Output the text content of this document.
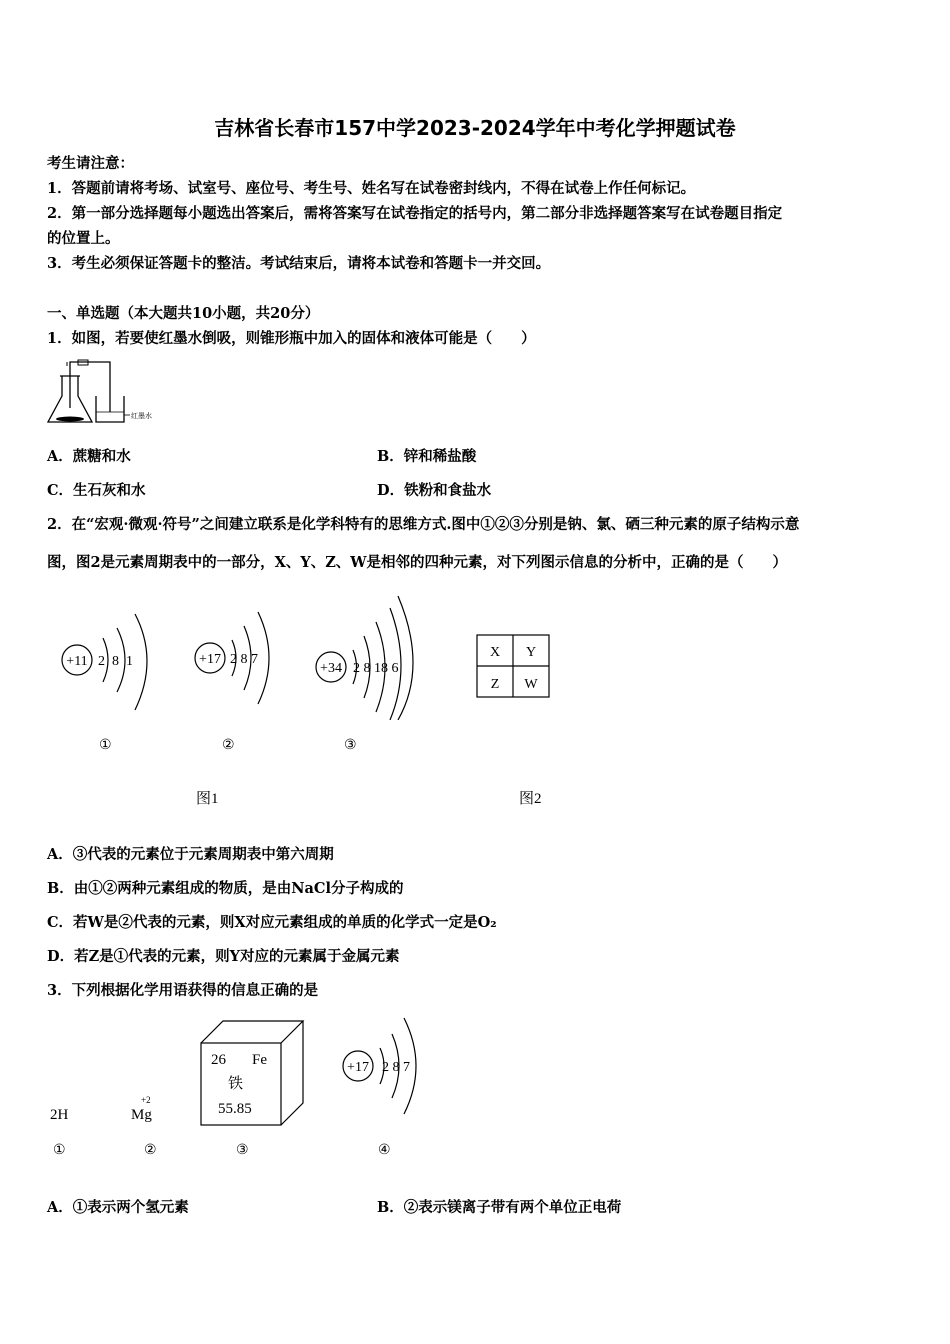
吉林省长春市157中学2023-2024学年中考化学押题试卷
考生请注意：
1．答题前请将考场、试室号、座位号、考生号、姓名写在试卷密封线内，不得在试卷上作任何标记。
2．第一部分选择题每小题选出答案后，需将答案写在试卷指定的括号内，第二部分非选择题答案写在试卷题目指定
的位置上。
3．考生必须保证答题卡的整洁。考试结束后，请将本试卷和答题卡一并交回。
一、单选题（本大题共10小题，共20分）
1．如图，若要使红墨水倒吸，则锥形瓶中加入的固体和液体可能是（　　）
红墨水
A．蔗糖和水	B．锌和稀盐酸
C．生石灰和水	D．铁粉和食盐水
2．在“宏观·微观·符号”之间建立联系是化学科特有的思维方式.图中①②③分别是钠、氯、硒三种元素的原子结构示意
图，图2是元素周期表中的一部分，X、Y、Z、W是相邻的四种元素，对下列图示信息的分析中，正确的是（　　）
+11 2  8  1
①
+17 2 8 7
②
+34 2 8 18 6
③
X Y
Z W
图1	图2
A．③代表的元素位于元素周期表中第六周期
B．由①②两种元素组成的物质，是由NaCl分子构成的
C．若W是②代表的元素，则X对应元素组成的单质的化学式一定是O₂
D．若Z是①代表的元素，则Y对应的元素属于金属元素
3．下列根据化学用语获得的信息正确的是
2H
①
+2
Mg
②
26 Fe
铁
55.85
③
+17 2 8 7
④
A．①表示两个氢元素	B．②表示镁离子带有两个单位正电荷
